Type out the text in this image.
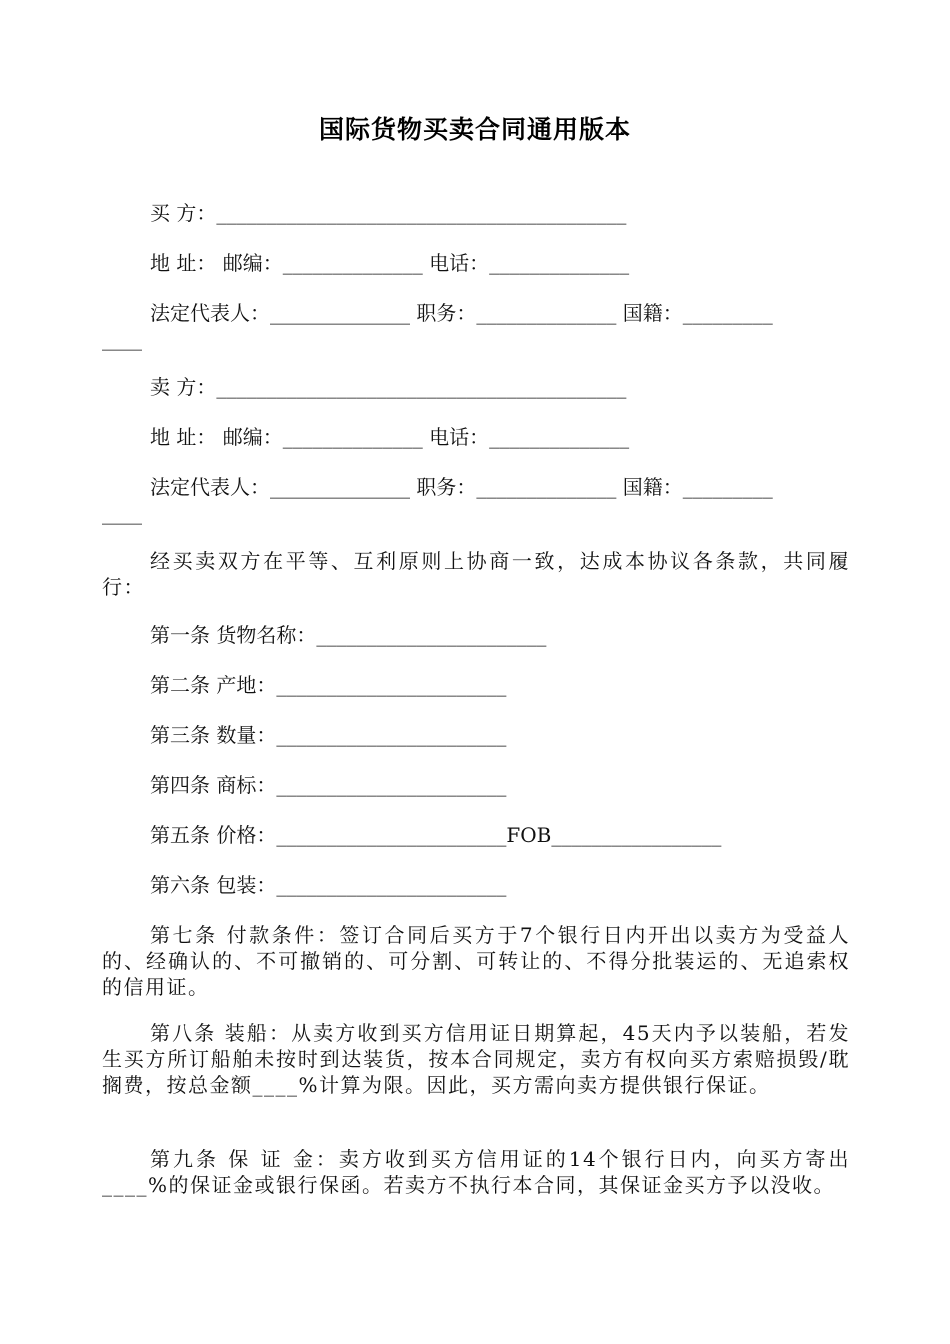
国际货物买卖合同通用版本
买 方：_________________________________________
地 址： 邮编：______________ 电话：______________
法定代表人：______________ 职务：______________ 国籍：_________
____
卖 方：_________________________________________
地 址： 邮编：______________ 电话：______________
法定代表人：______________ 职务：______________ 国籍：_________
____
经买卖双方在平等、互利原则上协商一致，达成本协议各条款，共同履行：
第一条 货物名称：_______________________
第二条 产地：_______________________
第三条 数量：_______________________
第四条 商标：_______________________
第五条 价格：_______________________FOB_________________
第六条 包装：_______________________
第七条 付款条件：签订合同后买方于7个银行日内开出以卖方为受益人的、经确认的、不可撤销的、可分割、可转让的、不得分批装运的、无追索权的信用证。
第八条 装船：从卖方收到买方信用证日期算起，45天内予以装船，若发生买方所订船舶未按时到达装货，按本合同规定，卖方有权向买方索赔损毁/耽搁费，按总金额____%计算为限。因此，买方需向卖方提供银行保证。
第九条 保 证 金：卖方收到买方信用证的14个银行日内，向买方寄出____%的保证金或银行保函。若卖方不执行本合同，其保证金买方予以没收。
